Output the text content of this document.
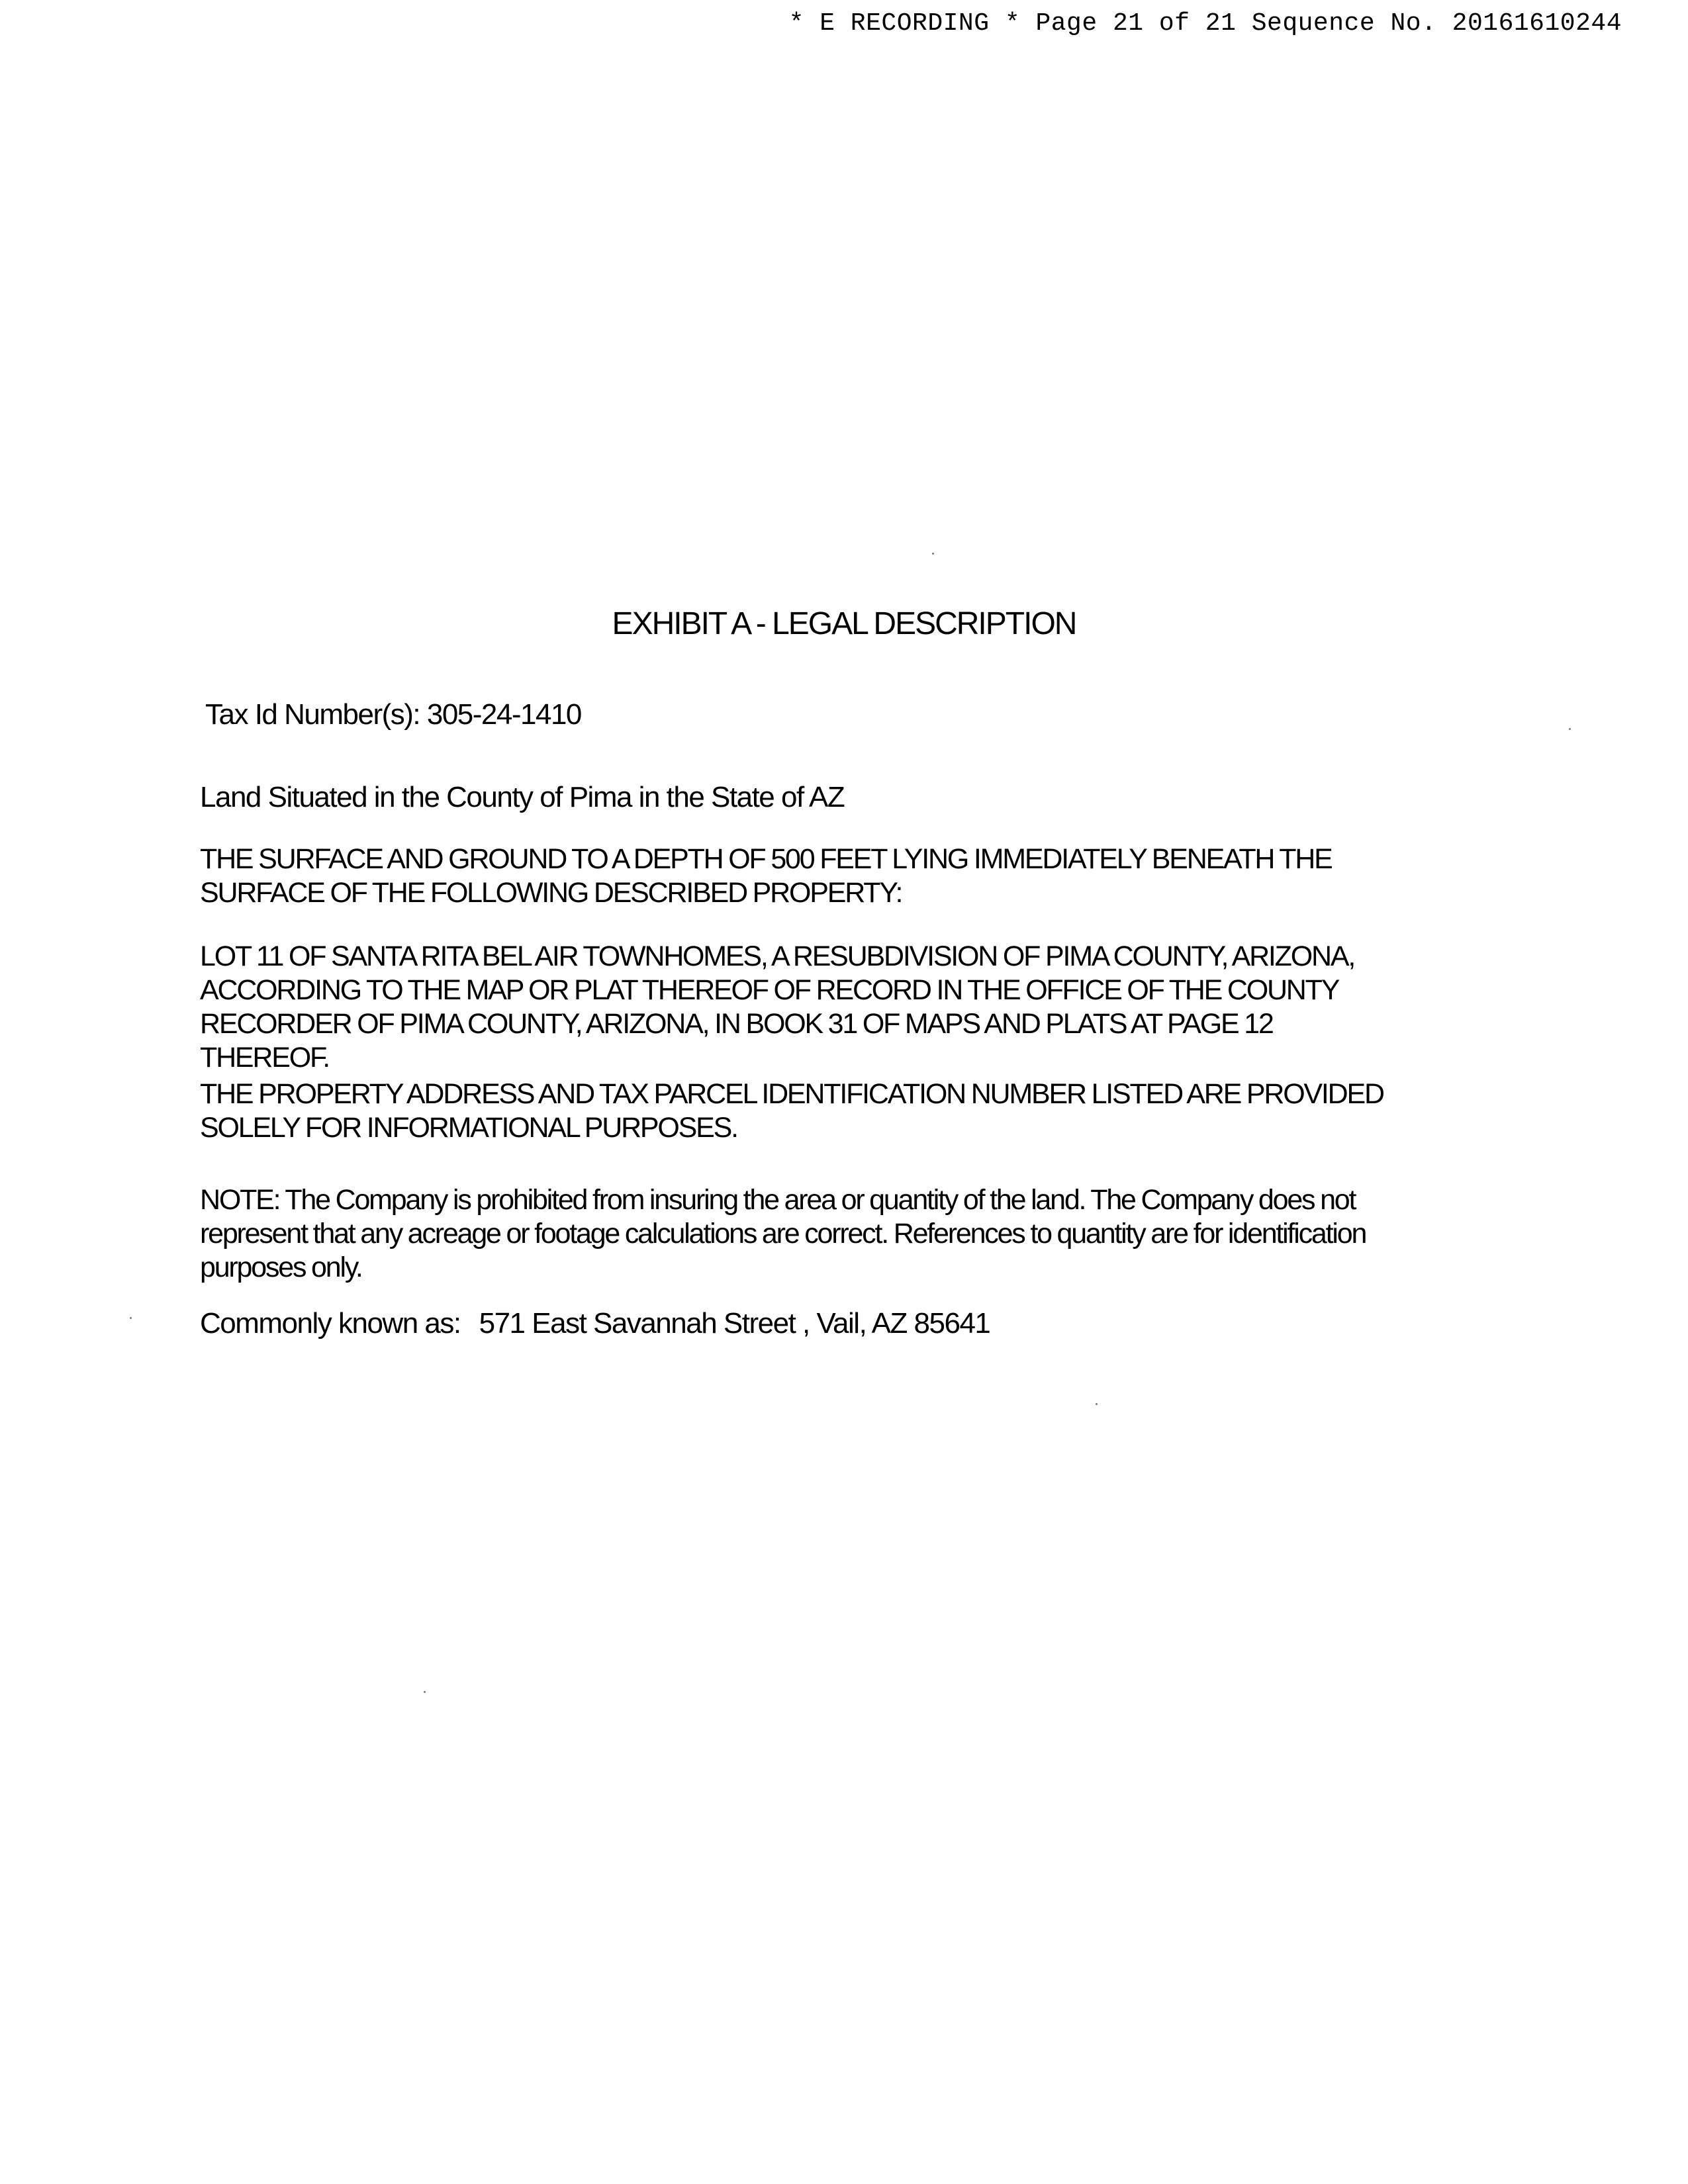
* E RECORDING * Page 21 of 21 Sequence No. 20161610244
EXHIBIT A - LEGAL DESCRIPTION
Tax Id Number(s): 305-24-1410
Land Situated in the County of Pima in the State of AZ
THE SURFACE AND GROUND TO A DEPTH OF 500 FEET LYING IMMEDIATELY BENEATH THE SURFACE OF THE FOLLOWING DESCRIBED PROPERTY:
LOT 11 OF SANTA RITA BEL AIR TOWNHOMES, A RESUBDIVISION OF PIMA COUNTY, ARIZONA, ACCORDING TO THE MAP OR PLAT THEREOF OF RECORD IN THE OFFICE OF THE COUNTY RECORDER OF PIMA COUNTY, ARIZONA, IN BOOK 31 OF MAPS AND PLATS AT PAGE 12 THEREOF.
THE PROPERTY ADDRESS AND TAX PARCEL IDENTIFICATION NUMBER LISTED ARE PROVIDED SOLELY FOR INFORMATIONAL PURPOSES.
NOTE: The Company is prohibited from insuring the area or quantity of the land. The Company does not represent that any acreage or footage calculations are correct. References to quantity are for identification purposes only.
Commonly known as: 571 East Savannah Street , Vail, AZ 85641
